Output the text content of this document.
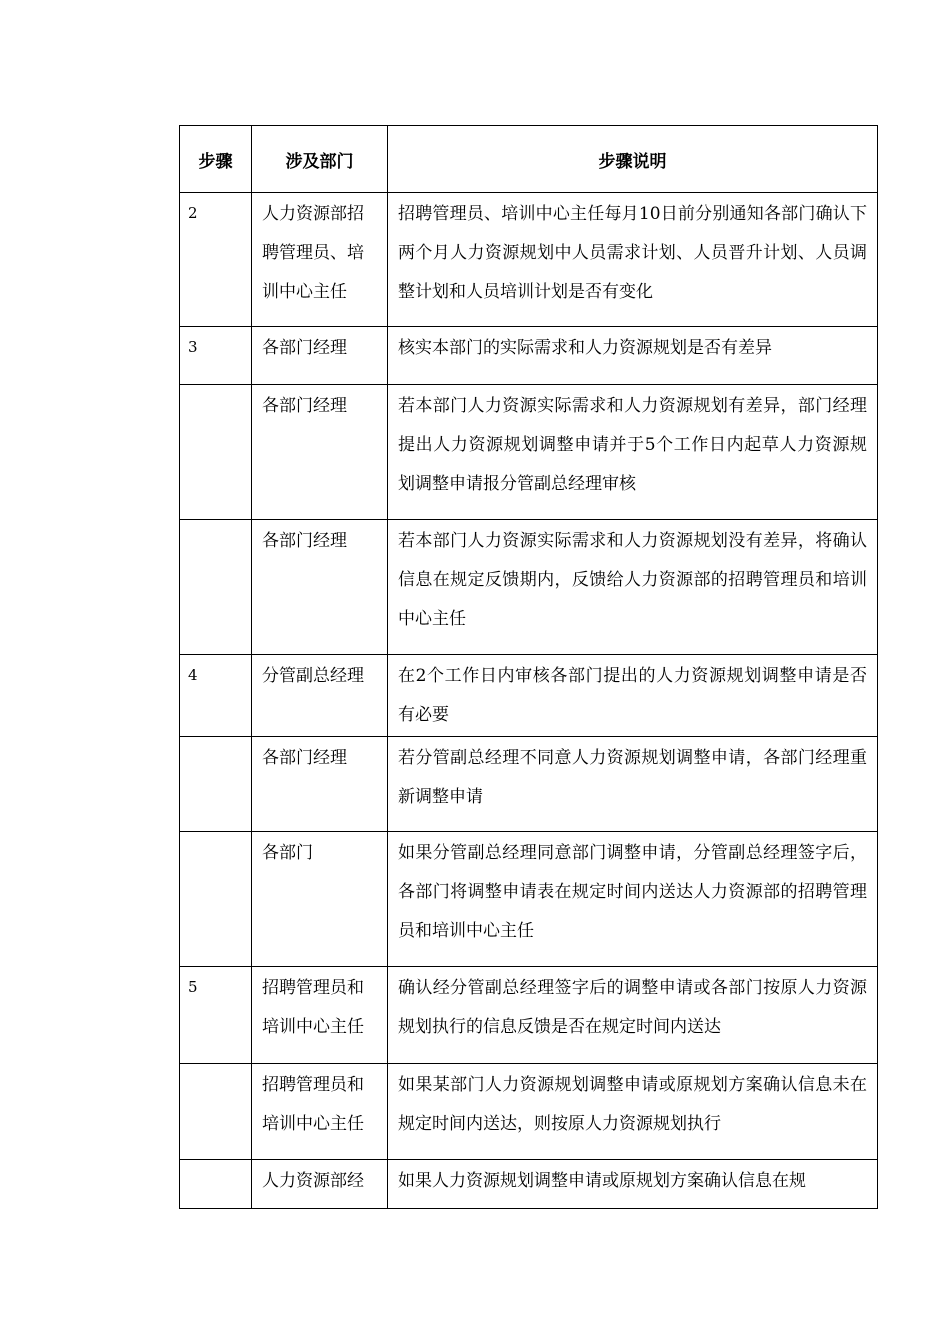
步骤	涉及部门	步骤说明
2	人力资源部招聘管理员、培训中心主任	招聘管理员、培训中心主任每月10日前分别通知各部门确认下两个月人力资源规划中人员需求计划、人员晋升计划、人员调整计划和人员培训计划是否有变化
3	各部门经理	核实本部门的实际需求和人力资源规划是否有差异
	各部门经理	若本部门人力资源实际需求和人力资源规划有差异，部门经理提出人力资源规划调整申请并于5个工作日内起草人力资源规划调整申请报分管副总经理审核
	各部门经理	若本部门人力资源实际需求和人力资源规划没有差异，将确认信息在规定反馈期内，反馈给人力资源部的招聘管理员和培训中心主任
4	分管副总经理	在2个工作日内审核各部门提出的人力资源规划调整申请是否有必要
	各部门经理	若分管副总经理不同意人力资源规划调整申请，各部门经理重新调整申请
	各部门	如果分管副总经理同意部门调整申请，分管副总经理签字后，各部门将调整申请表在规定时间内送达人力资源部的招聘管理员和培训中心主任
5	招聘管理员和培训中心主任	确认经分管副总经理签字后的调整申请或各部门按原人力资源规划执行的信息反馈是否在规定时间内送达
	招聘管理员和培训中心主任	如果某部门人力资源规划调整申请或原规划方案确认信息未在规定时间内送达，则按原人力资源规划执行
	人力资源部经	如果人力资源规划调整申请或原规划方案确认信息在规
